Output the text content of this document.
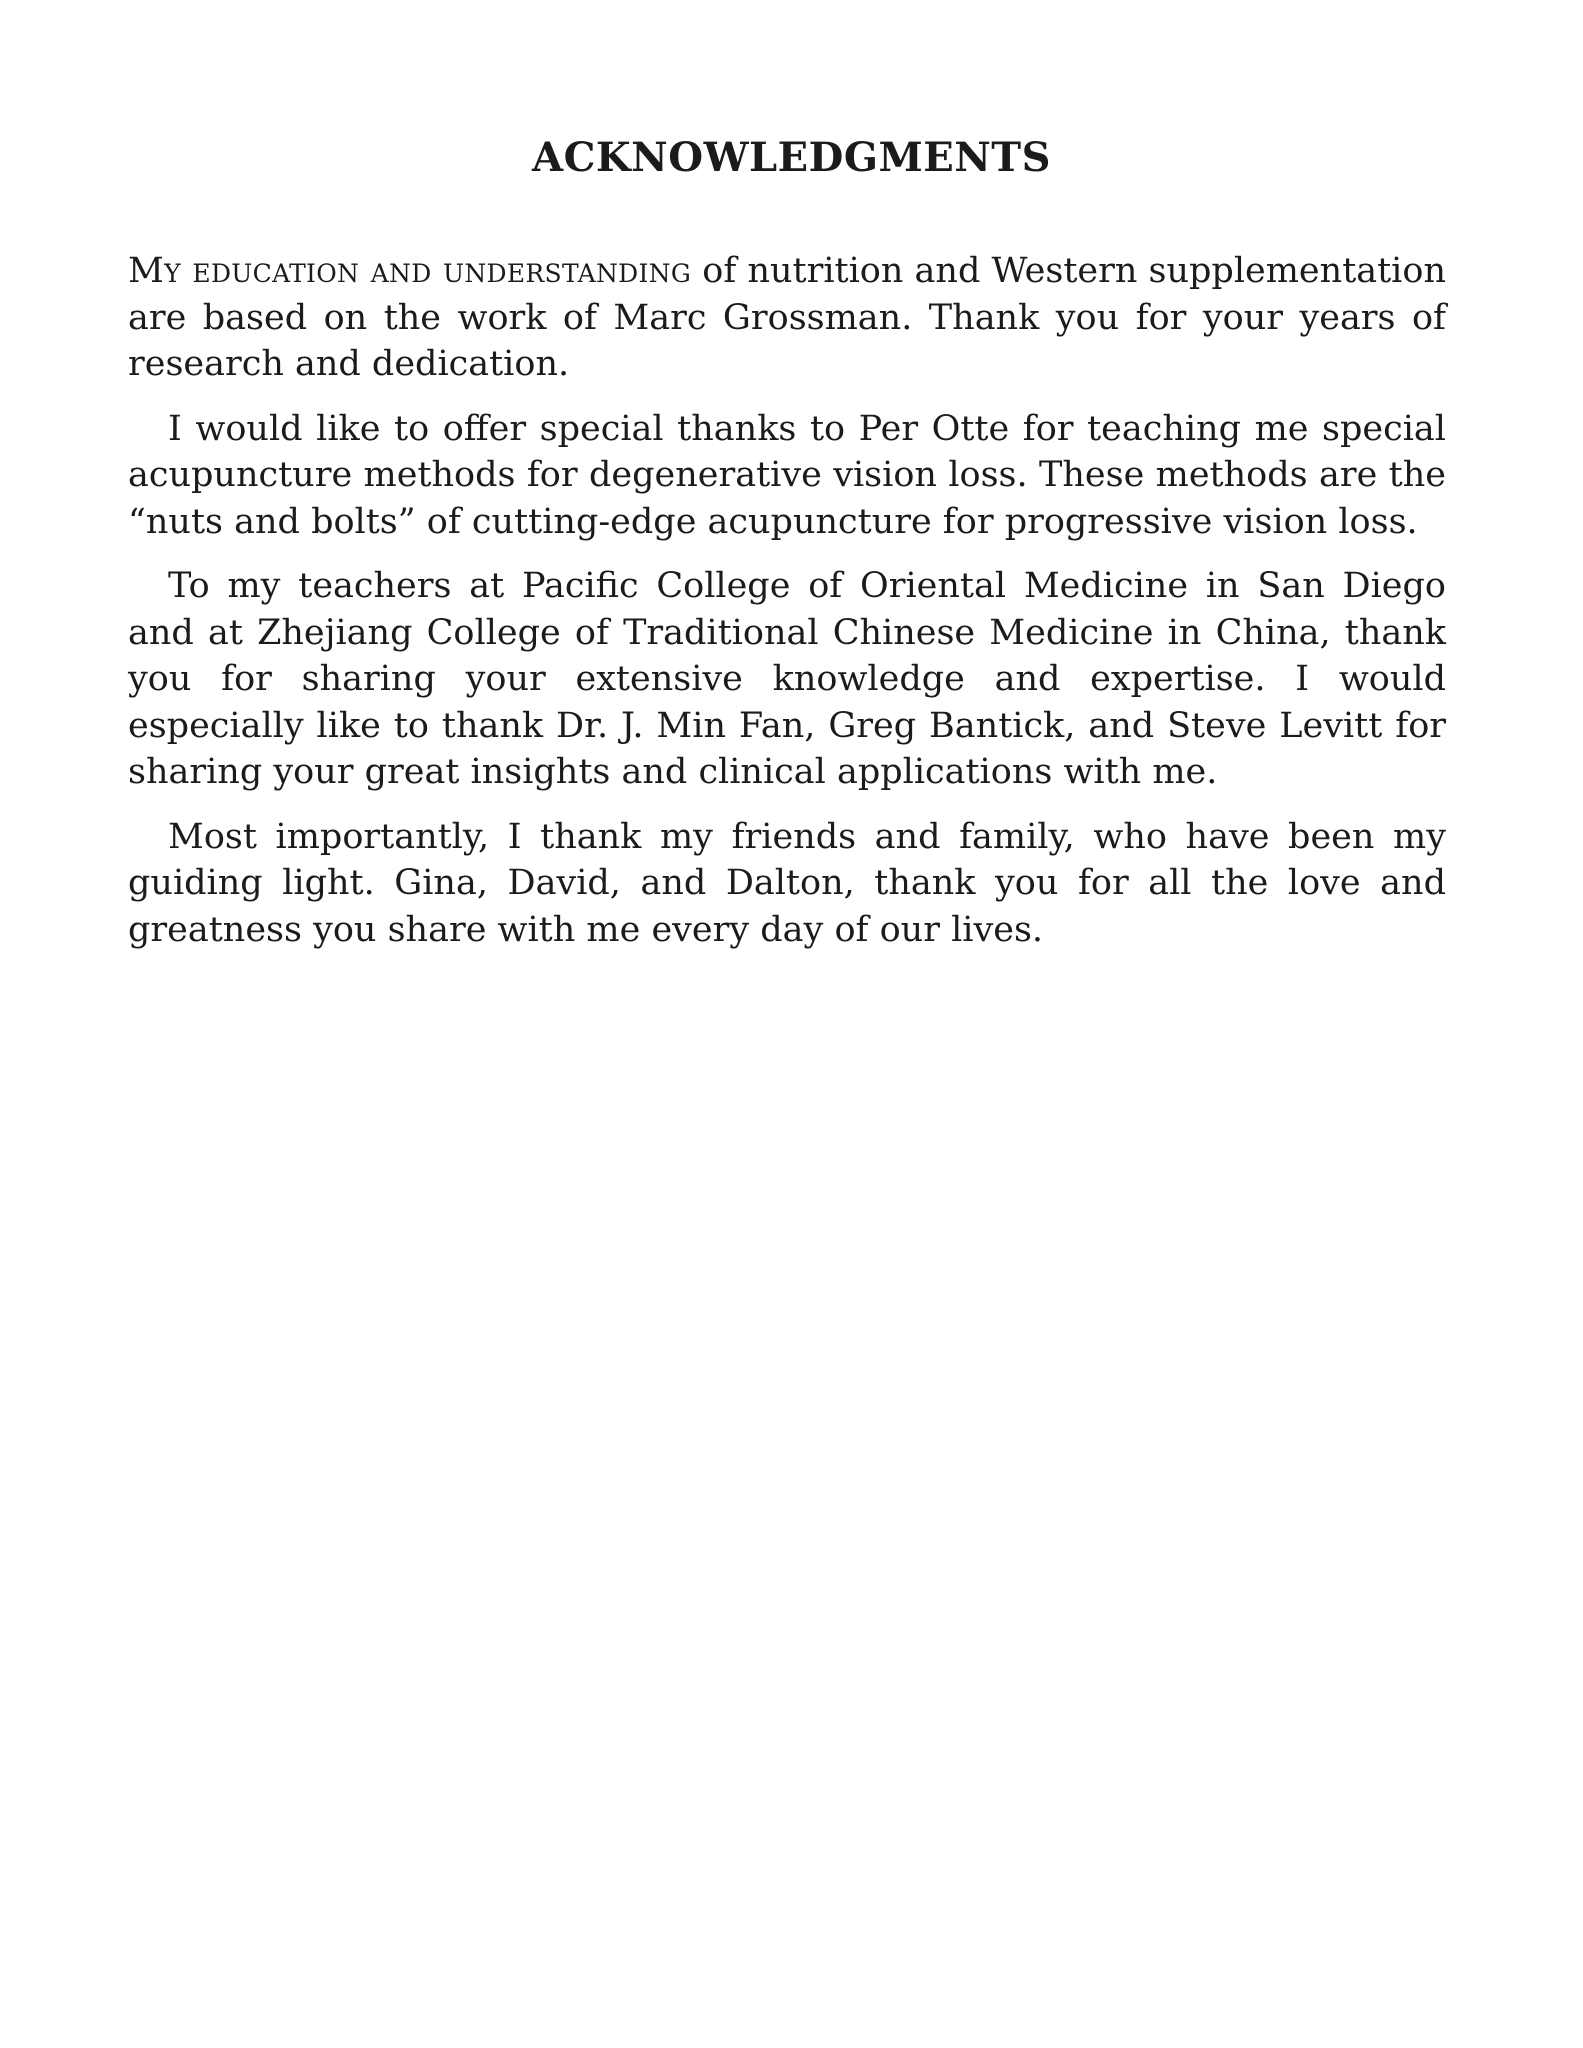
ACKNOWLEDGMENTS

My education and understanding of nutrition and Western supplementation are based on the work of Marc Grossman. Thank you for your years of research and dedication.

I would like to offer special thanks to Per Otte for teaching me special acupuncture methods for degenerative vision loss. These methods are the “nuts and bolts” of cutting-edge acupuncture for progressive vision loss.

To my teachers at Pacific College of Oriental Medicine in San Diego and at Zhejiang College of Traditional Chinese Medicine in China, thank you for sharing your extensive knowledge and expertise. I would especially like to thank Dr. J. Min Fan, Greg Bantick, and Steve Levitt for sharing your great insights and clinical applications with me.

Most importantly, I thank my friends and family, who have been my guiding light. Gina, David, and Dalton, thank you for all the love and greatness you share with me every day of our lives.
